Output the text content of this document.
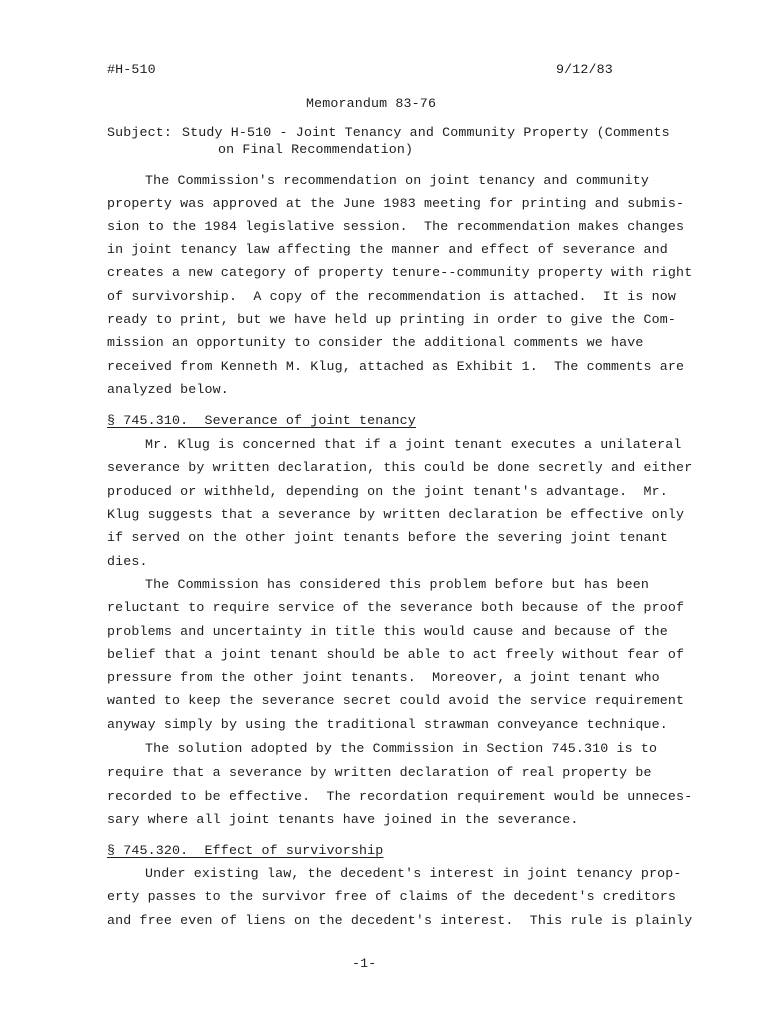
#H-510	9/12/83
Memorandum 83-76
Subject: Study H-510 - Joint Tenancy and Community Property (Comments
on Final Recommendation)
The Commission's recommendation on joint tenancy and community
property was approved at the June 1983 meeting for printing and submis-
sion to the 1984 legislative session.  The recommendation makes changes
in joint tenancy law affecting the manner and effect of severance and
creates a new category of property tenure--community property with right
of survivorship.  A copy of the recommendation is attached.  It is now
ready to print, but we have held up printing in order to give the Com-
mission an opportunity to consider the additional comments we have
received from Kenneth M. Klug, attached as Exhibit 1.  The comments are
analyzed below.
§ 745.310.  Severance of joint tenancy
Mr. Klug is concerned that if a joint tenant executes a unilateral
severance by written declaration, this could be done secretly and either
produced or withheld, depending on the joint tenant's advantage.  Mr.
Klug suggests that a severance by written declaration be effective only
if served on the other joint tenants before the severing joint tenant
dies.
The Commission has considered this problem before but has been
reluctant to require service of the severance both because of the proof
problems and uncertainty in title this would cause and because of the
belief that a joint tenant should be able to act freely without fear of
pressure from the other joint tenants.  Moreover, a joint tenant who
wanted to keep the severance secret could avoid the service requirement
anyway simply by using the traditional strawman conveyance technique.
The solution adopted by the Commission in Section 745.310 is to
require that a severance by written declaration of real property be
recorded to be effective.  The recordation requirement would be unneces-
sary where all joint tenants have joined in the severance.
§ 745.320.  Effect of survivorship
Under existing law, the decedent's interest in joint tenancy prop-
erty passes to the survivor free of claims of the decedent's creditors
and free even of liens on the decedent's interest.  This rule is plainly
-1-
